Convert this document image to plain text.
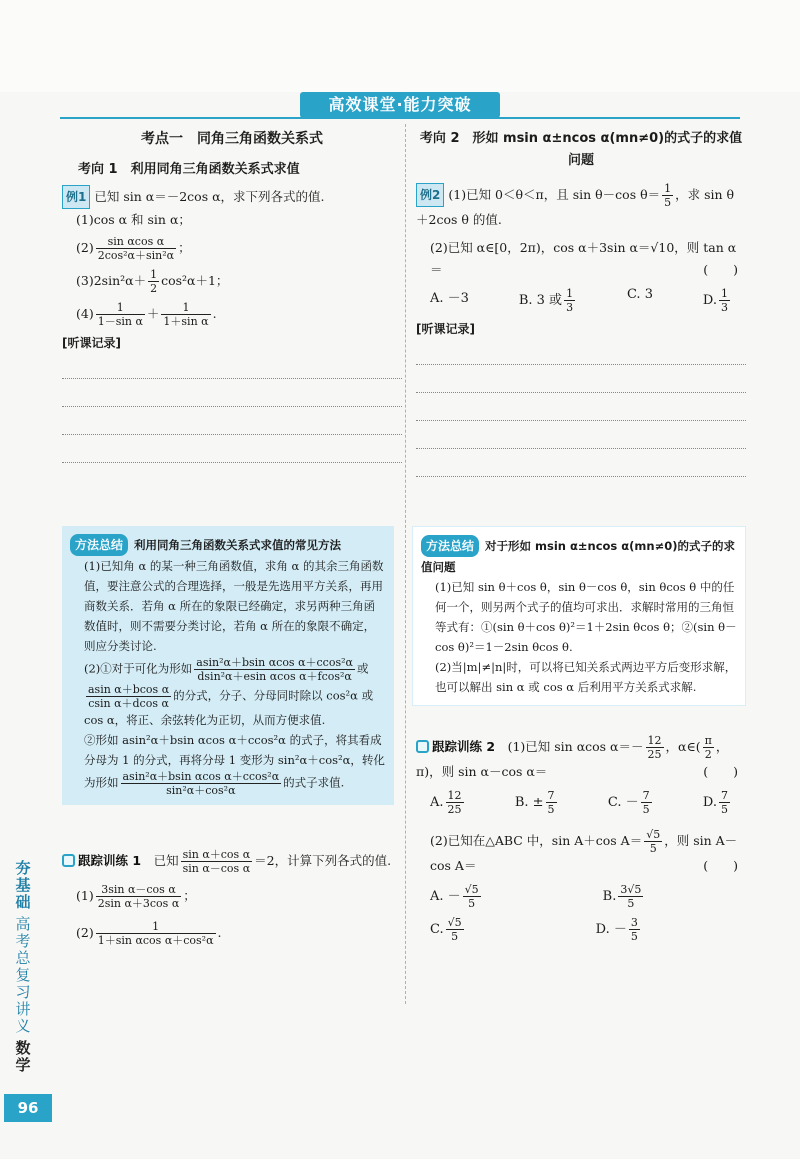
高效课堂·能力突破
考点一　同角三角函数关系式
考向 1　利用同角三角函数关系式求值

例1 已知 sin α＝－2cos α，求下列各式的值.

(1)cos α 和 sin α；

$(2) \frac{\text{sin αcos α}}{\text{2cos²α＋sin²α}}$ ；

$(3)2\sin^2\alpha+ \frac{1}{2} \cos^2\alpha+1$；

$(4) \frac{1}{\text{1－sin α}} + \frac{1}{\text{1＋sin α}}$ .

[听课记录]

方法总结 利用同角三角函数关系式求值的常见方法

(1)已知角 α 的某一种三角函数值，求角 α 的其余三角函数值，要注意公式的合理选择，一般是先选用平方关系，再用商数关系．若角 α 所在的象限已经确定，求另两种三角函数值时，则不需要分类讨论，若角 α 所在的象限不确定，则应分类讨论.

(2)①对于可化为形如 $\frac{\text{asin²α＋bsin αcos α＋ccos²α}}{\text{dsin²α＋esin αcos α＋fcos²α}}$ 或
$\frac{\text{asin α＋bcos α}}{\text{csin α＋dcos α}}$ 的分式，分子、分母同时除以 cos²α 或 cos α，将正、余弦转化为正切，从而方便求值.

②形如 asin²α＋bsin αcos α＋ccos²α 的式子，将其看成分母为 1 的分式，再将分母 1 变形为 sin²α＋cos²α，转化为形如 $\frac{\text{asin²α＋bsin αcos α＋ccos²α}}{\text{sin²α＋cos²α}}$ 的式子求值.

跟踪训练 1　 已知 $\frac{\text{sin α＋cos α}}{\text{sin α－cos α}} =2$，计算下列各式的值.

$(1) \frac{\text{3sin α－cos α}}{\text{2sin α＋3cos α}}$ ；

$(2) \frac{1}{\text{1＋sin αcos α＋cos²α}}$ .

考向 2　形如 msin α±ncos α(mn≠0)的式子的求值问题

例2 (1)已知 0＜θ＜π，且 sin θ－cos $\theta= \frac{1}{5}$ ，求 sin θ＋2cos θ 的值.

(2)已知 α∈[0，2π)，cos α＋3sin α＝√10，则 tan α＝	(　　)

A. －3	B. 3 或 $\frac{1}{3}$	C. 3	D. $\frac{1}{3}$
[听课记录]

方法总结 对于形如 msin α±ncos α(mn≠0)的式子的求值问题

(1)已知 sin θ＋cos θ，sin θ－cos θ，sin θcos θ 中的任何一个，则另两个式子的值均可求出．求解时常用的三角恒等式有：①(sin θ＋cos θ)²＝1＋2sin θcos θ；②(sin θ－cos θ)²＝1－2sin θcos θ.

(2)当|m|≠|n|时，可以将已知关系式两边平方后变形求解，也可以解出 sin α 或 cos α 后利用平方关系式求解.

跟踪训练 2　 (1)已知 sin αcos $\alpha=- \frac{12}{25}$ ，α∈( $\frac{\pi}{2}$ ，π)，则 sin α－cos α＝	(　　)

A. $\frac{12}{25}$	B. ± $\frac{7}{5}$	C. － $\frac{7}{5}$	D. $\frac{7}{5}$

(2)已知在△ABC 中，sin A＋cos $A= \frac{√5}{5}$ ，则 sin A－cos A＝	(　　)

A. － $\frac{√5}{5}$	B. $\frac{3√5}{5}$
C. $\frac{√5}{5}$	D. － $\frac{3}{5}$
夯基础
高考总复习讲义
数学
96
